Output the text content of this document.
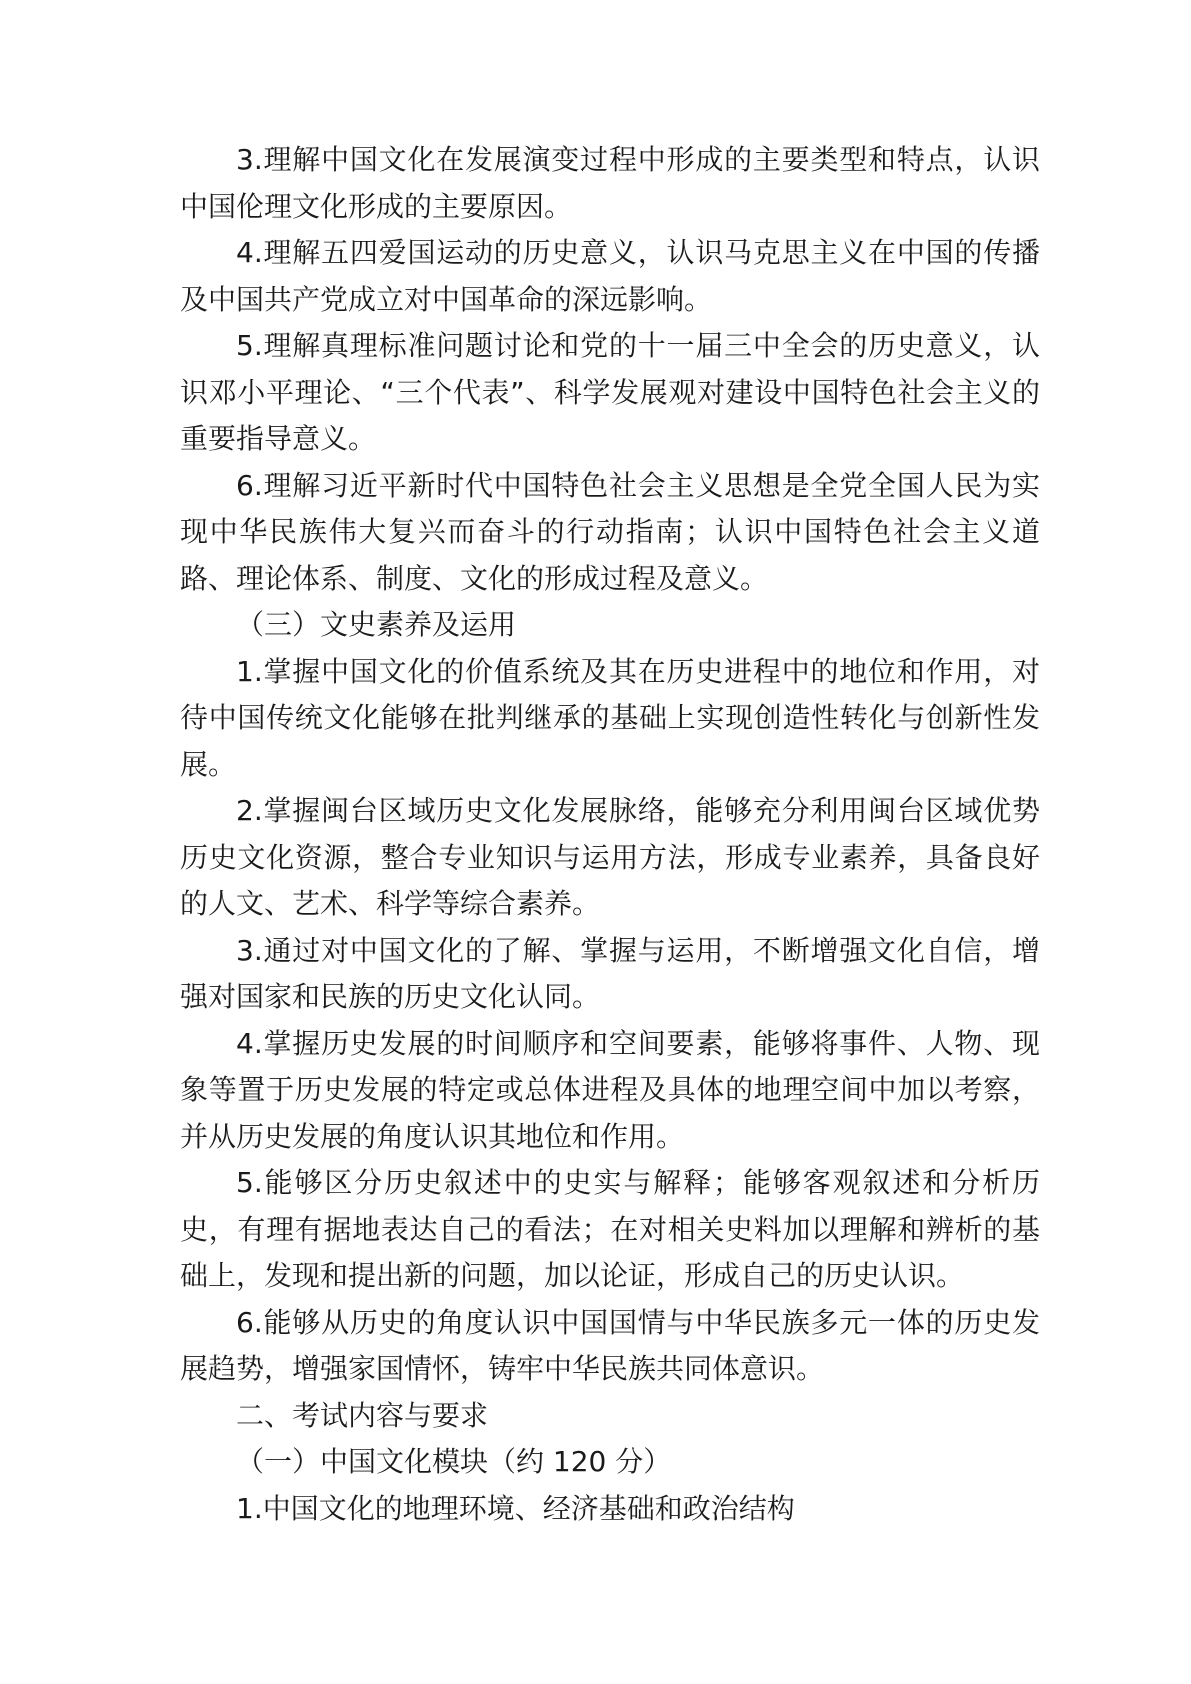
3.理解中国文化在发展演变过程中形成的主要类型和特点，认识中国伦理文化形成的主要原因。

4.理解五四爱国运动的历史意义，认识马克思主义在中国的传播及中国共产党成立对中国革命的深远影响。

5.理解真理标准问题讨论和党的十一届三中全会的历史意义，认识邓小平理论、“三个代表”、科学发展观对建设中国特色社会主义的重要指导意义。

6.理解习近平新时代中国特色社会主义思想是全党全国人民为实现中华民族伟大复兴而奋斗的行动指南；认识中国特色社会主义道路、理论体系、制度、文化的形成过程及意义。

（三）文史素养及运用

1.掌握中国文化的价值系统及其在历史进程中的地位和作用，对待中国传统文化能够在批判继承的基础上实现创造性转化与创新性发展。

2.掌握闽台区域历史文化发展脉络，能够充分利用闽台区域优势历史文化资源，整合专业知识与运用方法，形成专业素养，具备良好的人文、艺术、科学等综合素养。

3.通过对中国文化的了解、掌握与运用，不断增强文化自信，增强对国家和民族的历史文化认同。

4.掌握历史发展的时间顺序和空间要素，能够将事件、人物、现象等置于历史发展的特定或总体进程及具体的地理空间中加以考察，并从历史发展的角度认识其地位和作用。

5.能够区分历史叙述中的史实与解释；能够客观叙述和分析历史，有理有据地表达自己的看法；在对相关史料加以理解和辨析的基础上，发现和提出新的问题，加以论证，形成自己的历史认识。

6.能够从历史的角度认识中国国情与中华民族多元一体的历史发展趋势，增强家国情怀，铸牢中华民族共同体意识。

二、考试内容与要求

（一）中国文化模块（约 120 分）

1.中国文化的地理环境、经济基础和政治结构
